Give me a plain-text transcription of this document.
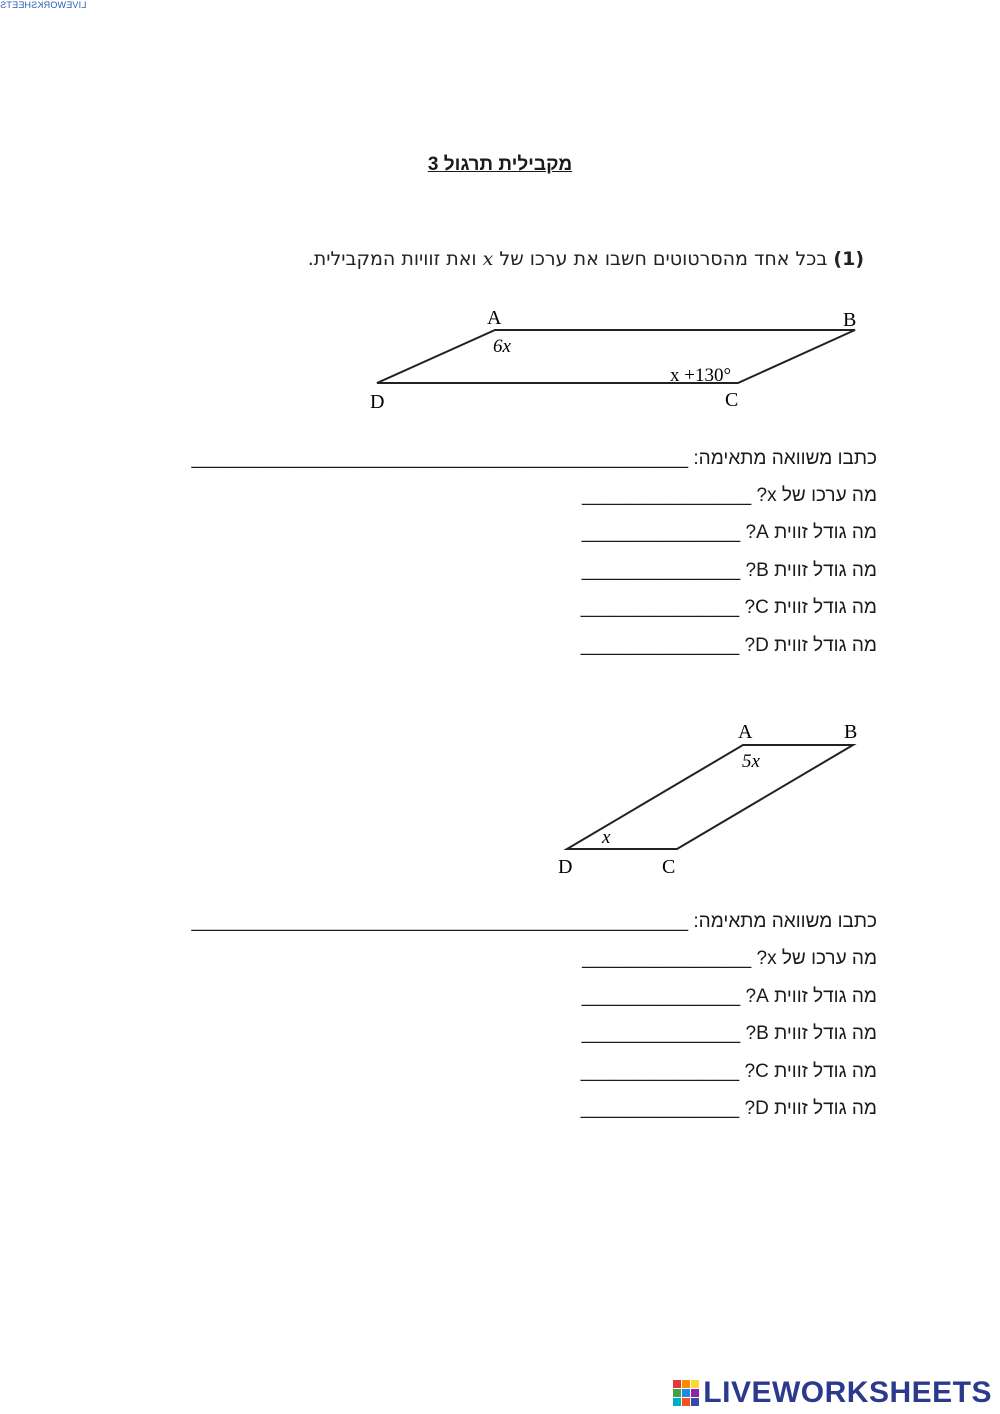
LIVEWORKSHEETS
מקבילית תרגול 3
(1) בכל אחד מהסרטוטים חשבו את ערכו של x ואת זוויות המקבילית.
A	B
C
D
6x
x +130°
כתבו משוואה מתאימה: _______________________________________________
מה ערכו של x? ________________
מה גודל זווית A? _______________
מה גודל זווית B? _______________
מה גודל זווית C? _______________
מה גודל זווית D? _______________
A	B
C
D
5x
x
כתבו משוואה מתאימה: _______________________________________________
מה ערכו של x? ________________
מה גודל זווית A? _______________
מה גודל זווית B? _______________
מה גודל זווית C? _______________
מה גודל זווית D? _______________
LIVEWORKSHEETS
